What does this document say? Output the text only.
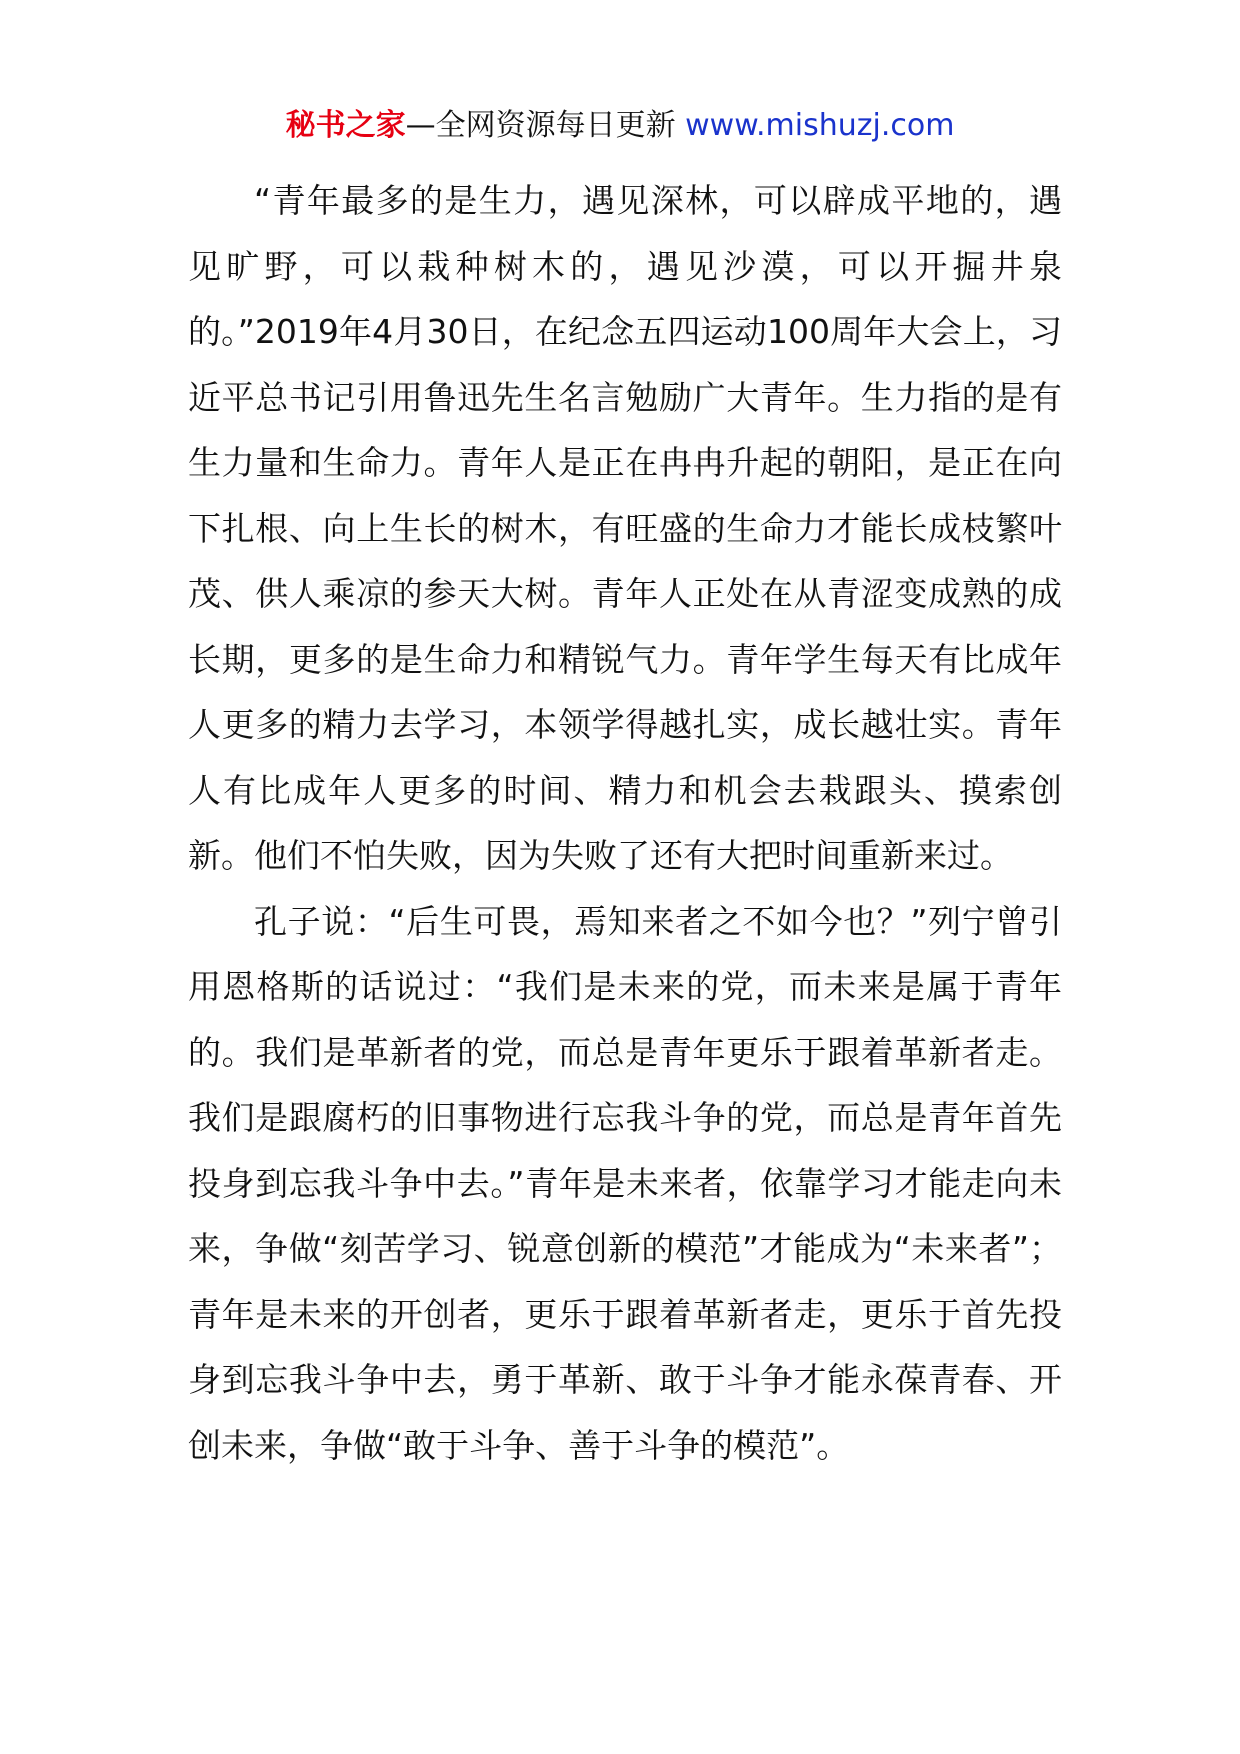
秘书之家—全网资源每日更新 www.mishuzj.com

“青年最多的是生力，遇见深林，可以辟成平地的，遇见旷野，可以栽种树木的，遇见沙漠，可以开掘井泉的。”2019年4月30日，在纪念五四运动100周年大会上，习近平总书记引用鲁迅先生名言勉励广大青年。生力指的是有生力量和生命力。青年人是正在冉冉升起的朝阳，是正在向下扎根、向上生长的树木，有旺盛的生命力才能长成枝繁叶茂、供人乘凉的参天大树。青年人正处在从青涩变成熟的成长期，更多的是生命力和精锐气力。青年学生每天有比成年人更多的精力去学习，本领学得越扎实，成长越壮实。青年人有比成年人更多的时间、精力和机会去栽跟头、摸索创新。他们不怕失败，因为失败了还有大把时间重新来过。

孔子说：“后生可畏，焉知来者之不如今也？”列宁曾引用恩格斯的话说过：“我们是未来的党，而未来是属于青年的。我们是革新者的党，而总是青年更乐于跟着革新者走。我们是跟腐朽的旧事物进行忘我斗争的党，而总是青年首先投身到忘我斗争中去。”青年是未来者，依靠学习才能走向未来，争做“刻苦学习、锐意创新的模范”才能成为“未来者”；青年是未来的开创者，更乐于跟着革新者走，更乐于首先投身到忘我斗争中去，勇于革新、敢于斗争才能永葆青春、开创未来，争做“敢于斗争、善于斗争的模范”。
